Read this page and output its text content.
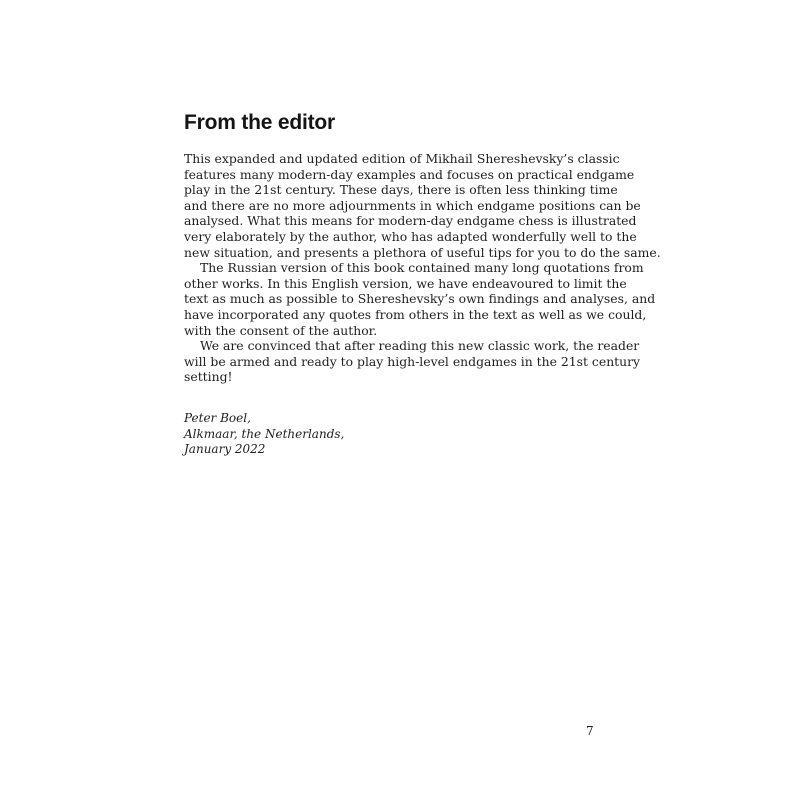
From the editor
This expanded and updated edition of Mikhail Shereshevsky’s classic
features many modern-day examples and focuses on practical endgame
play in the 21st century. These days, there is often less thinking time
and there are no more adjournments in which endgame positions can be
analysed. What this means for modern-day endgame chess is illustrated
very elaborately by the author, who has adapted wonderfully well to the
new situation, and presents a plethora of useful tips for you to do the same.
The Russian version of this book contained many long quotations from
other works. In this English version, we have endeavoured to limit the
text as much as possible to Shereshevsky’s own findings and analyses, and
have incorporated any quotes from others in the text as well as we could,
with the consent of the author.
We are convinced that after reading this new classic work, the reader
will be armed and ready to play high-level endgames in the 21st century
setting!
Peter Boel,
Alkmaar, the Netherlands,
January 2022
7
